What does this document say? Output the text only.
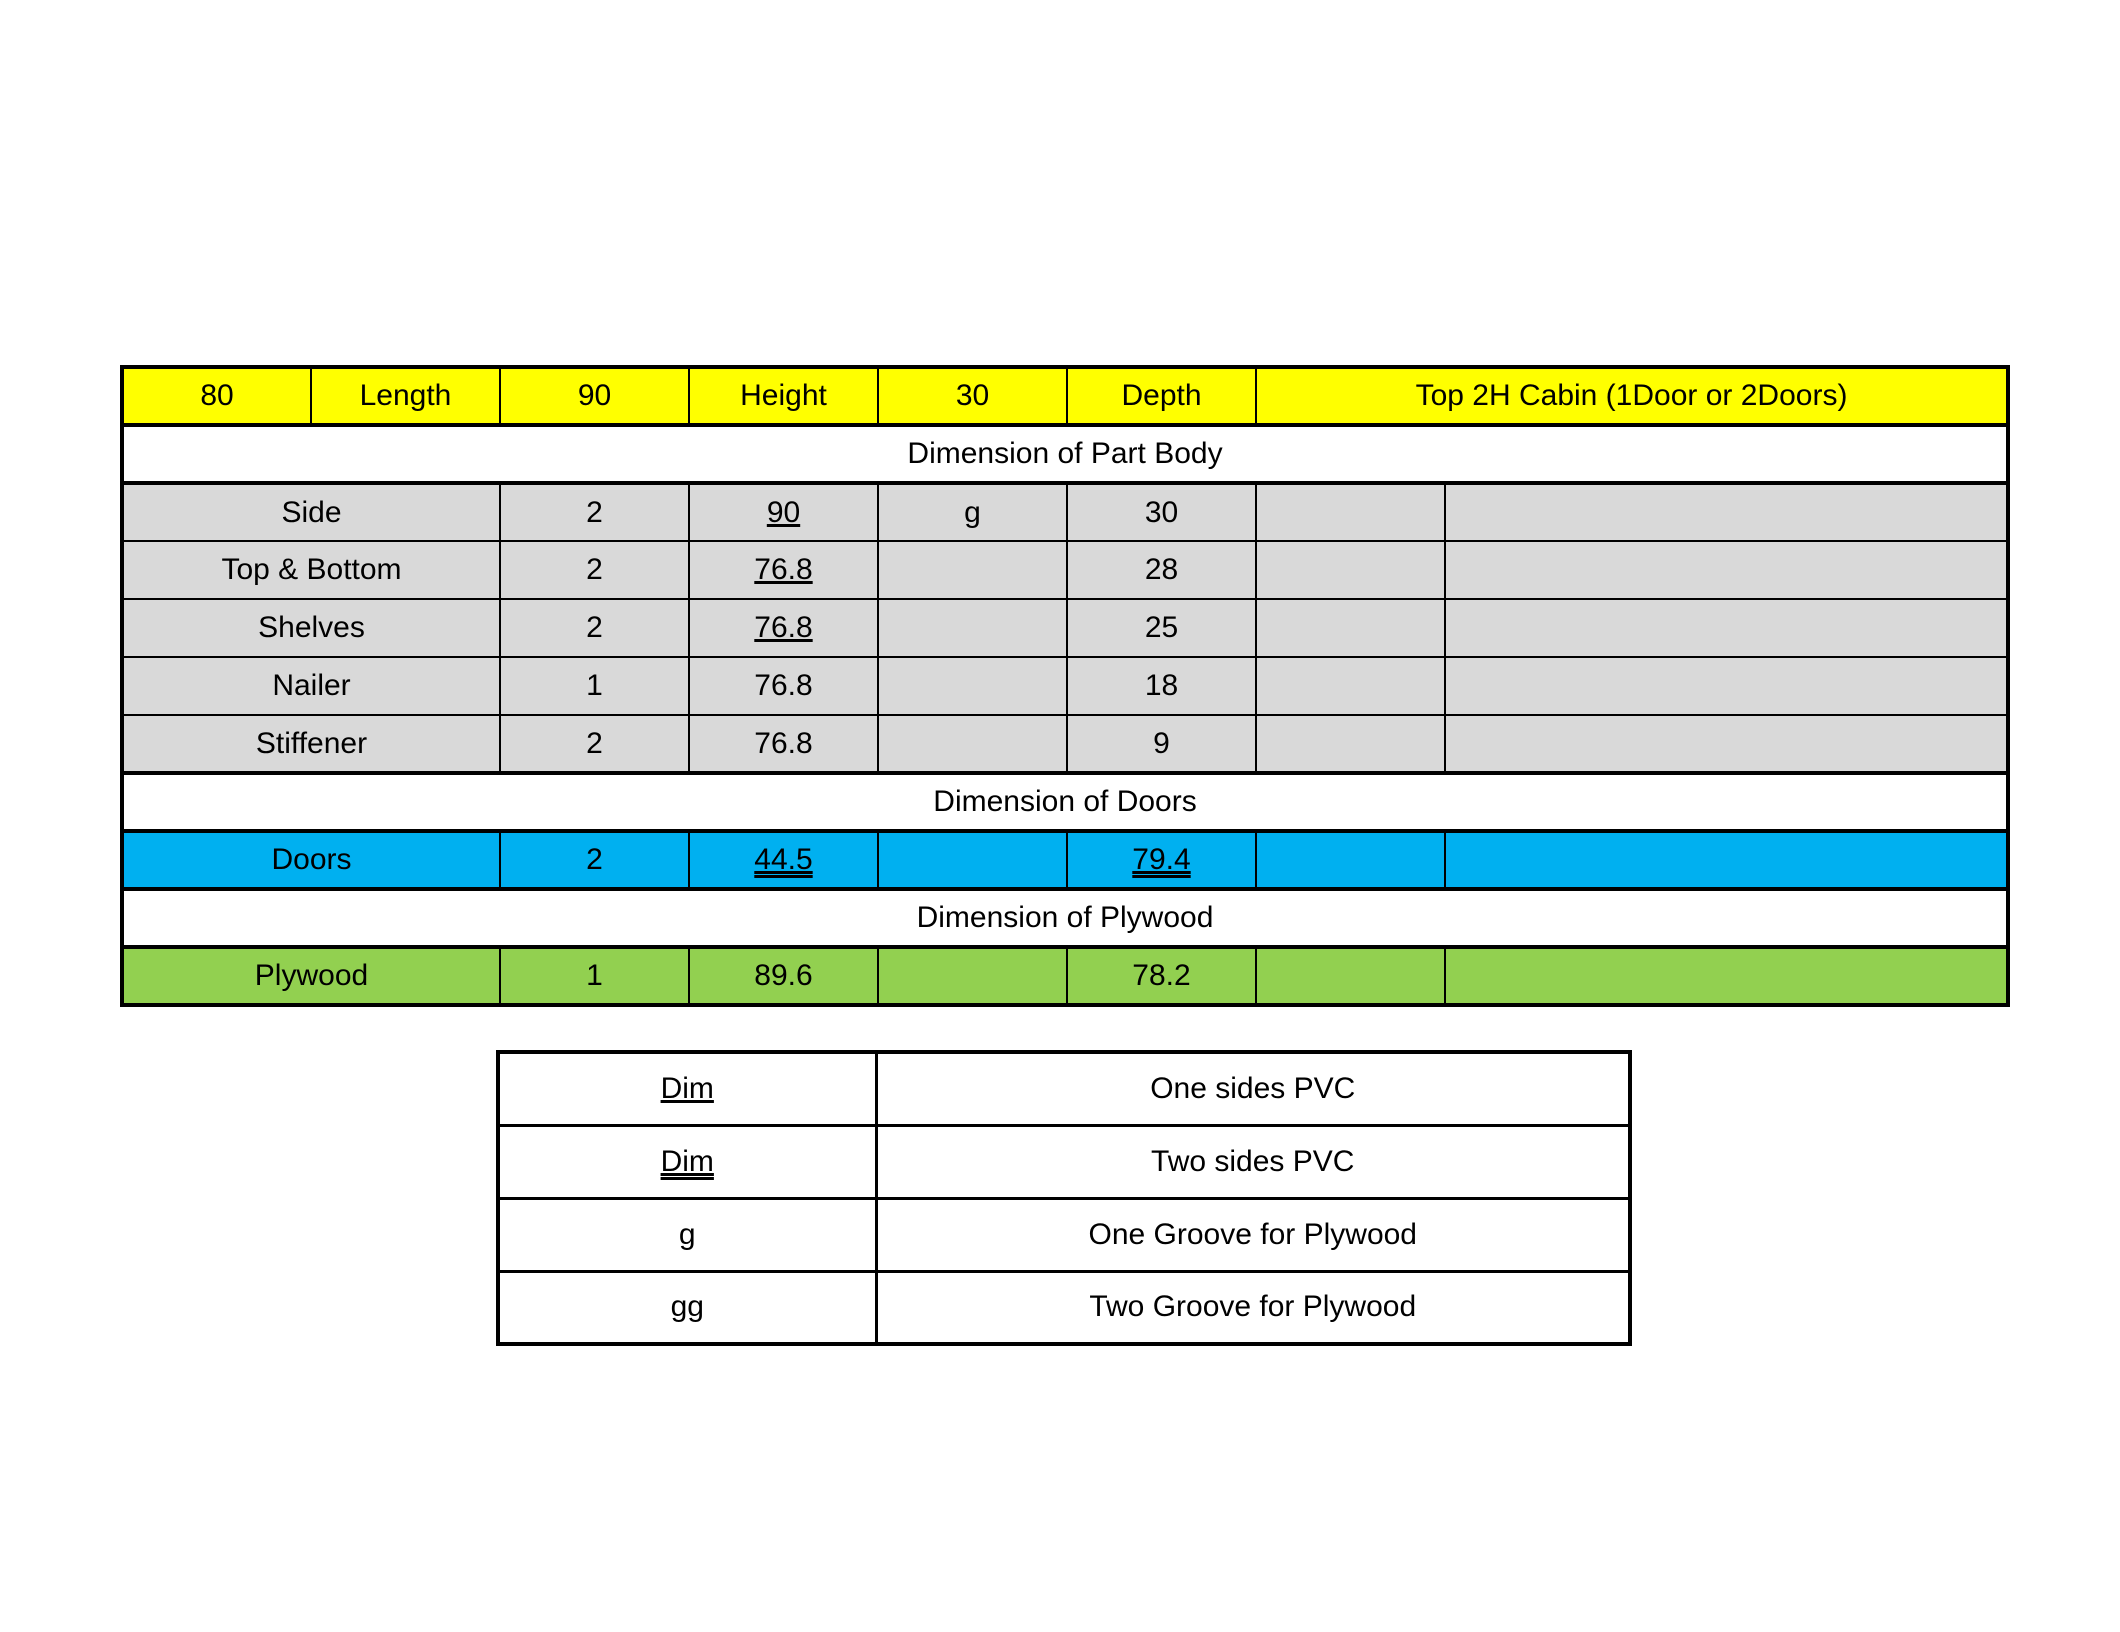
80	Length	90	Height	30	Depth	Top 2H Cabin (1Door or 2Doors)	
Dimension of Part Body							
Side		2	90	g	30		
Top & Bottom		2	76.8		28		
Shelves		2	76.8		25		
Nailer		1	76.8		18		
Stiffener		2	76.8		9		
Dimension of Doors							
Doors		2	44.5		79.4		
Dimension of Plywood							
Plywood		1	89.6		78.2		
Dim	One sides PVC
Dim	Two sides PVC
g	One Groove for Plywood
gg	Two Groove for Plywood
